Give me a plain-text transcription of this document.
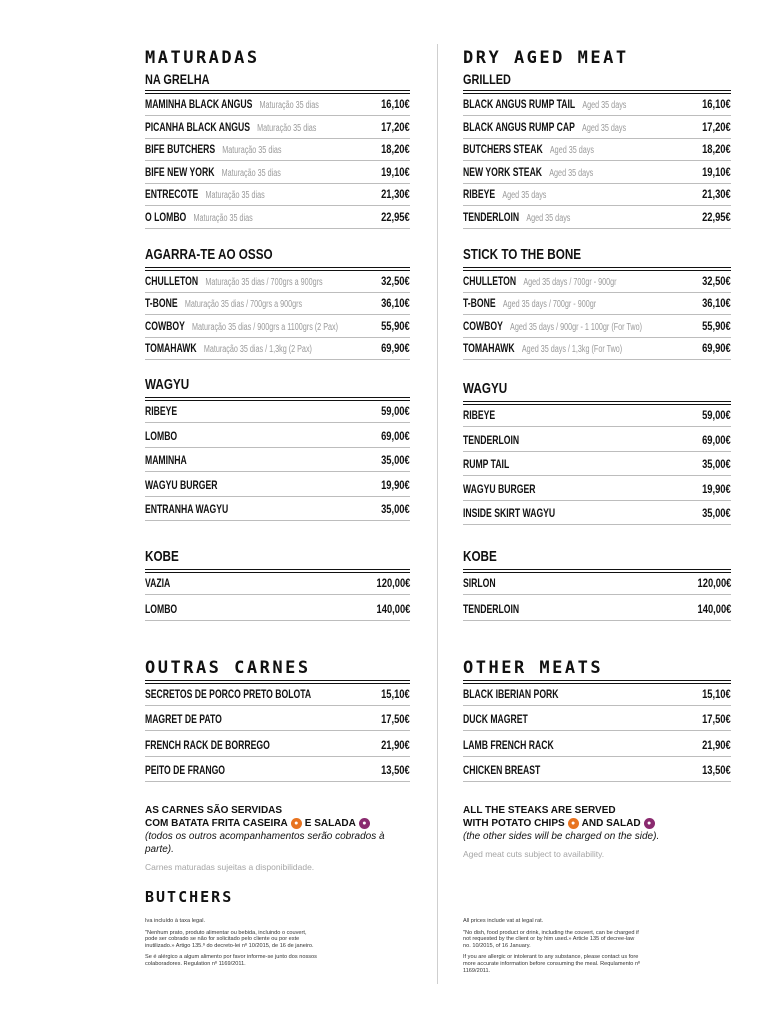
MATURADAS
NA GRELHA
MAMINHA BLACK ANGUS Maturação 35 dias	16,10€
PICANHA BLACK ANGUS Maturação 35 dias	17,20€
BIFE BUTCHERS Maturação 35 dias	18,20€
BIFE NEW YORK Maturação 35 dias	19,10€
ENTRECOTE Maturação 35 dias	21,30€
O LOMBO Maturação 35 dias	22,95€
AGARRA-TE AO OSSO
CHULLETON Maturação 35 dias / 700grs a 900grs	32,50€
T-BONE Maturação 35 dias / 700grs a 900grs	36,10€
COWBOY Maturação 35 dias / 900grs a 1100grs (2 Pax)	55,90€
TOMAHAWK Maturação 35 dias / 1,3kg (2 Pax)	69,90€
WAGYU
RIBEYE	59,00€
LOMBO	69,00€
MAMINHA	35,00€
WAGYU BURGER	19,90€
ENTRANHA WAGYU	35,00€
KOBE
VAZIA	120,00€
LOMBO	140,00€
OUTRAS CARNES
SECRETOS DE PORCO PRETO BOLOTA	15,10€
MAGRET DE PATO	17,50€
FRENCH RACK DE BORREGO	21,90€
PEITO DE FRANGO	13,50€
AS CARNES SÃO SERVIDAS
COM BATATA FRITA CASEIRA ● E SALADA ●
(todos os outros acompanhamentos serão cobrados à parte).
Carnes maturadas sujeitas a disponibilidade.
DRY AGED MEAT
GRILLED
BLACK ANGUS RUMP TAIL Aged 35 days	16,10€
BLACK ANGUS RUMP CAP Aged 35 days	17,20€
BUTCHERS STEAK Aged 35 days	18,20€
NEW YORK STEAK Aged 35 days	19,10€
RIBEYE Aged 35 days	21,30€
TENDERLOIN Aged 35 days	22,95€
STICK TO THE BONE
CHULLETON Aged 35 days / 700gr - 900gr	32,50€
T-BONE Aged 35 days / 700gr - 900gr	36,10€
COWBOY Aged 35 days / 900gr - 1 100gr (For Two)	55,90€
TOMAHAWK Aged 35 days / 1,3kg (For Two)	69,90€
WAGYU
RIBEYE	59,00€
TENDERLOIN	69,00€
RUMP TAIL	35,00€
WAGYU BURGER	19,90€
INSIDE SKIRT WAGYU	35,00€
KOBE
SIRLON	120,00€
TENDERLOIN	140,00€
OTHER MEATS
BLACK IBERIAN PORK	15,10€
DUCK MAGRET	17,50€
LAMB FRENCH RACK	21,90€
CHICKEN BREAST	13,50€
ALL THE STEAKS ARE SERVED
WITH POTATO CHIPS ● AND SALAD ●
(the other sides will be charged on the side).
Aged meat cuts subject to availability.
BUTCHERS

Iva incluído à taxa legal.

"Nenhum prato, produto alimentar ou bebida, incluindo o couvert, pode ser cobrado se não for solicitado pelo cliente ou por este inutilizado.» Artigo 135.º do decreto-lei nº 10/2015, de 16 de janeiro.

Se é alérgico a algum alimento por favor informe-se junto dos nossos colaboradores. Regulation nº 1169/2011.

All prices include vat at legal rat.

"No dish, food product or drink, including the couvert, can be charged if not requested by the client or by him used.» Article 135 of decree-law no. 10/2015, of 16 January.

If you are allergic or intolerant to any substance, please contact us fore more accurate information before consuming the meal. Requlamento nº 1169/2011.
